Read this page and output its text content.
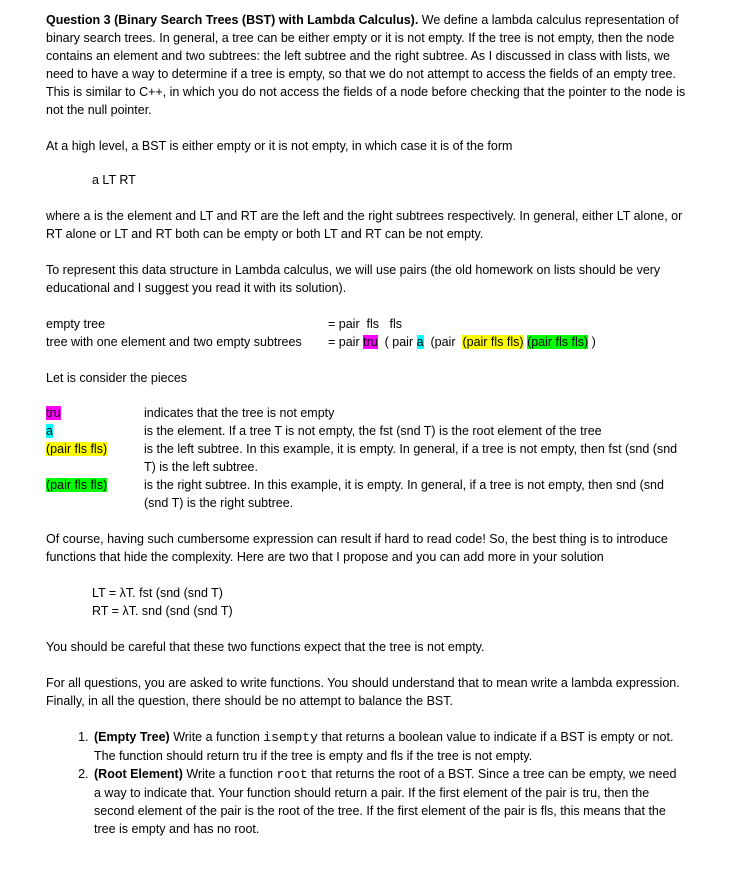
Question 3 (Binary Search Trees (BST) with Lambda Calculus). We define a lambda calculus representation of binary search trees. In general, a tree can be either empty or it is not empty. If the tree is not empty, then the node contains an element and two subtrees: the left subtree and the right subtree. As I discussed in class with lists, we need to have a way to determine if a tree is empty, so that we do not attempt to access the fields of an empty tree. This is similar to C++, in which you do not access the fields of a node before checking that the pointer to the node is not the null pointer.

At a high level, a BST is either empty or it is not empty, in which case it is of the form

a LT RT

where a is the element and LT and RT are the left and the right subtrees respectively. In general, either LT alone, or RT alone or LT and RT both can be empty or both LT and RT can be not empty.

To represent this data structure in Lambda calculus, we will use pairs (the old homework on lists should be very educational and I suggest you read it with its solution).

empty tree	= pair  fls   fls
tree with one element and two empty subtrees	= pair tru  ( pair a  (pair  (pair fls fls) (pair fls fls) )

Let is consider the pieces

tru	indicates that the tree is not empty
a	is the element. If a tree T is not empty, the fst (snd T) is the root element of the tree
(pair fls fls)	is the left subtree. In this example, it is empty. In general, if a tree is not empty, then fst (snd (snd T) is the left subtree.
(pair fls fls)	is the right subtree. In this example, it is empty. In general, if a tree is not empty, then snd (snd (snd T) is the right subtree.

Of course, having such cumbersome expression can result if hard to read code! So, the best thing is to introduce functions that hide the complexity. Here are two that I propose and you can add more in your solution

LT = λT. fst (snd (snd T)

RT = λT. snd (snd (snd T)

You should be careful that these two functions expect that the tree is not empty.

For all questions, you are asked to write functions. You should understand that to mean write a lambda expression. Finally, in all the question, there should be no attempt to balance the BST.

1. (Empty Tree) Write a function isempty that returns a boolean value to indicate if a BST is empty or not. The function should return tru if the tree is empty and fls if the tree is not empty.
2. (Root Element) Write a function root that returns the root of a BST. Since a tree can be empty, we need a way to indicate that. Your function should return a pair. If the first element of the pair is tru, then the second element of the pair is the root of the tree. If the first element of the pair is fls, this means that the tree is empty and has no root.
